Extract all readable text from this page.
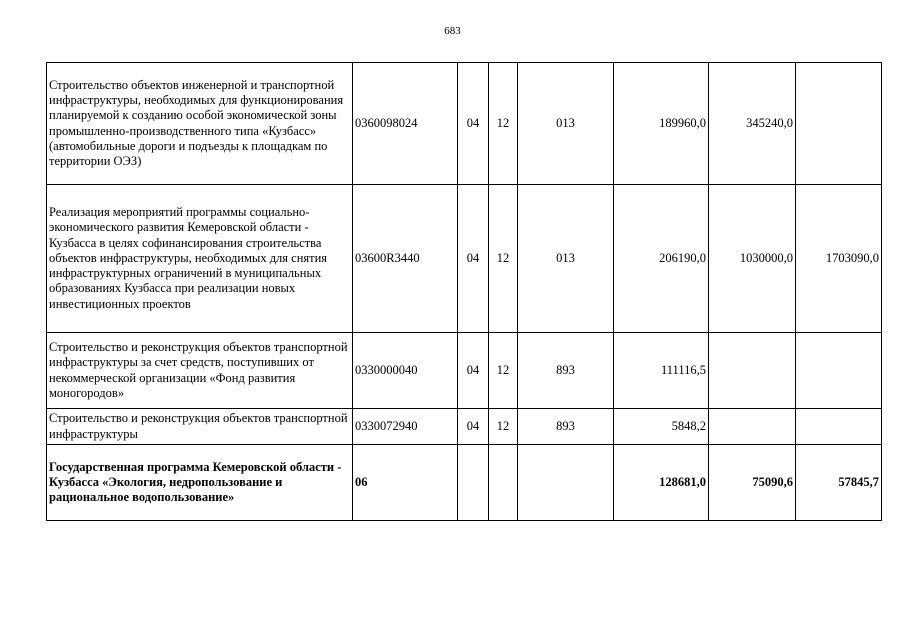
683
Строительство объектов инженерной и транспортной инфраструктуры, необходимых для функционирования планируемой к созданию особой экономической зоны промышленно-производственного типа «Кузбасс» (автомобильные дороги и подъезды к площадкам по территории ОЭЗ)	0360098024	04	12	013	189960,0	345240,0	
Реализация мероприятий программы социально-экономического развития Кемеровской области - Кузбасса в целях софинансирования строительства объектов инфраструктуры, необходимых для снятия инфраструктурных ограничений в муниципальных образованиях Кузбасса при реализации новых инвестиционных проектов	03600R3440	04	12	013	206190,0	1030000,0	1703090,0
Строительство и реконструкция объектов транспортной инфраструктуры за счет средств, поступивших от некоммерческой организации «Фонд развития моногородов»	0330000040	04	12	893	111116,5		
Строительство и реконструкция объектов транспортной инфраструктуры	0330072940	04	12	893	5848,2		
Государственная программа Кемеровской области - Кузбасса «Экология, недропользование и рациональное водопользование»	06				128681,0	75090,6	57845,7
